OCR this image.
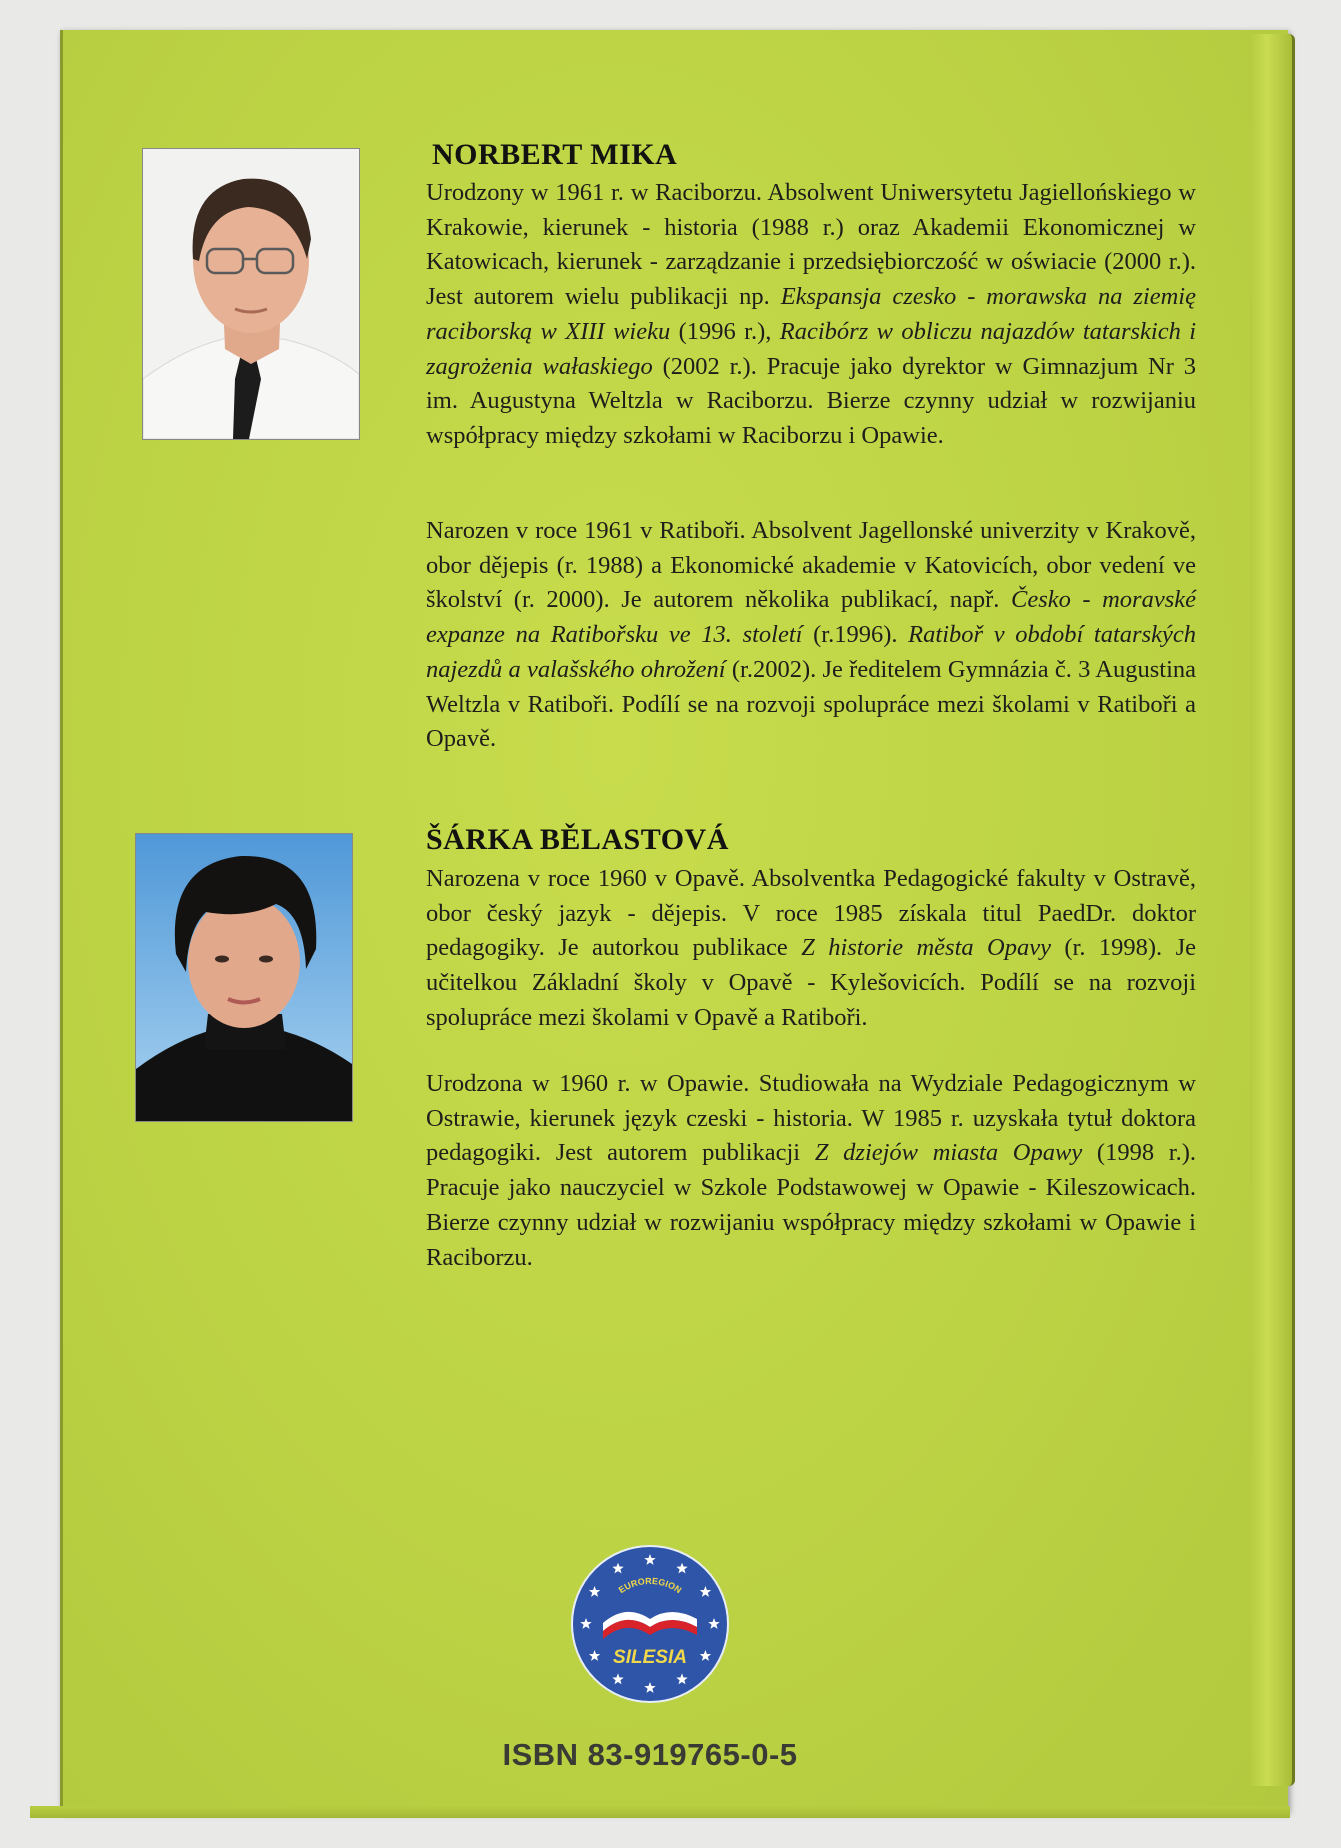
NORBERT MIKA

Urodzony w 1961 r. w Raciborzu. Absolwent Uniwersytetu Jagiellońskiego w Krakowie, kierunek - historia (1988 r.) oraz Akademii Ekonomicznej w Katowicach, kierunek - zarządzanie i przedsiębiorczość w oświacie (2000 r.). Jest autorem wielu publikacji np. Ekspansja czesko - morawska na ziemię raciborską w XIII wieku (1996 r.), Racibórz w obliczu najazdów tatarskich i zagrożenia wałaskiego (2002 r.). Pracuje jako dyrektor w Gimnazjum Nr 3 im. Augustyna Weltzla w Raciborzu. Bierze czynny udział w rozwijaniu współpracy między szkołami w Raciborzu i Opawie.

Narozen v roce 1961 v Ratiboři. Absolvent Jagellonské univerzity v Krakově, obor dějepis (r. 1988) a Ekonomické akademie v Katovicích, obor vedení ve školství (r. 2000). Je autorem několika publikací, např. Česko - moravské expanze na Ratibořsku ve 13. století (r.1996). Ratiboř v období tatarských najezdů a valašského ohrožení (r.2002). Je ředitelem Gymnázia č. 3 Augustina Weltzla v Ratiboři. Podílí se na rozvoji spolupráce mezi školami v Ratiboři a Opavě.

ŠÁRKA BĚLASTOVÁ

Narozena v roce 1960 v Opavě. Absolventka Pedagogické fakulty v Ostravě, obor český jazyk - dějepis. V roce 1985 získala titul PaedDr. doktor pedagogiky. Je autorkou publikace Z historie města Opavy (r. 1998). Je učitelkou Základní školy v Opavě - Kylešovicích. Podílí se na rozvoji spolupráce mezi školami v Opavě a Ratiboři.

Urodzona w 1960 r. w Opawie. Studiowała na Wydziale Pedagogicznym w Ostrawie, kierunek język czeski - historia. W 1985 r. uzyskała tytuł doktora pedagogiki. Jest autorem publikacji Z dziejów miasta Opawy (1998 r.). Pracuje jako nauczyciel w Szkole Podstawowej w Opawie - Kileszowicach. Bierze czynny udział w rozwijaniu współpracy między szkołami w Opawie i Raciborzu.

EUROREGION
SILESIA
ISBN 83-919765-0-5
